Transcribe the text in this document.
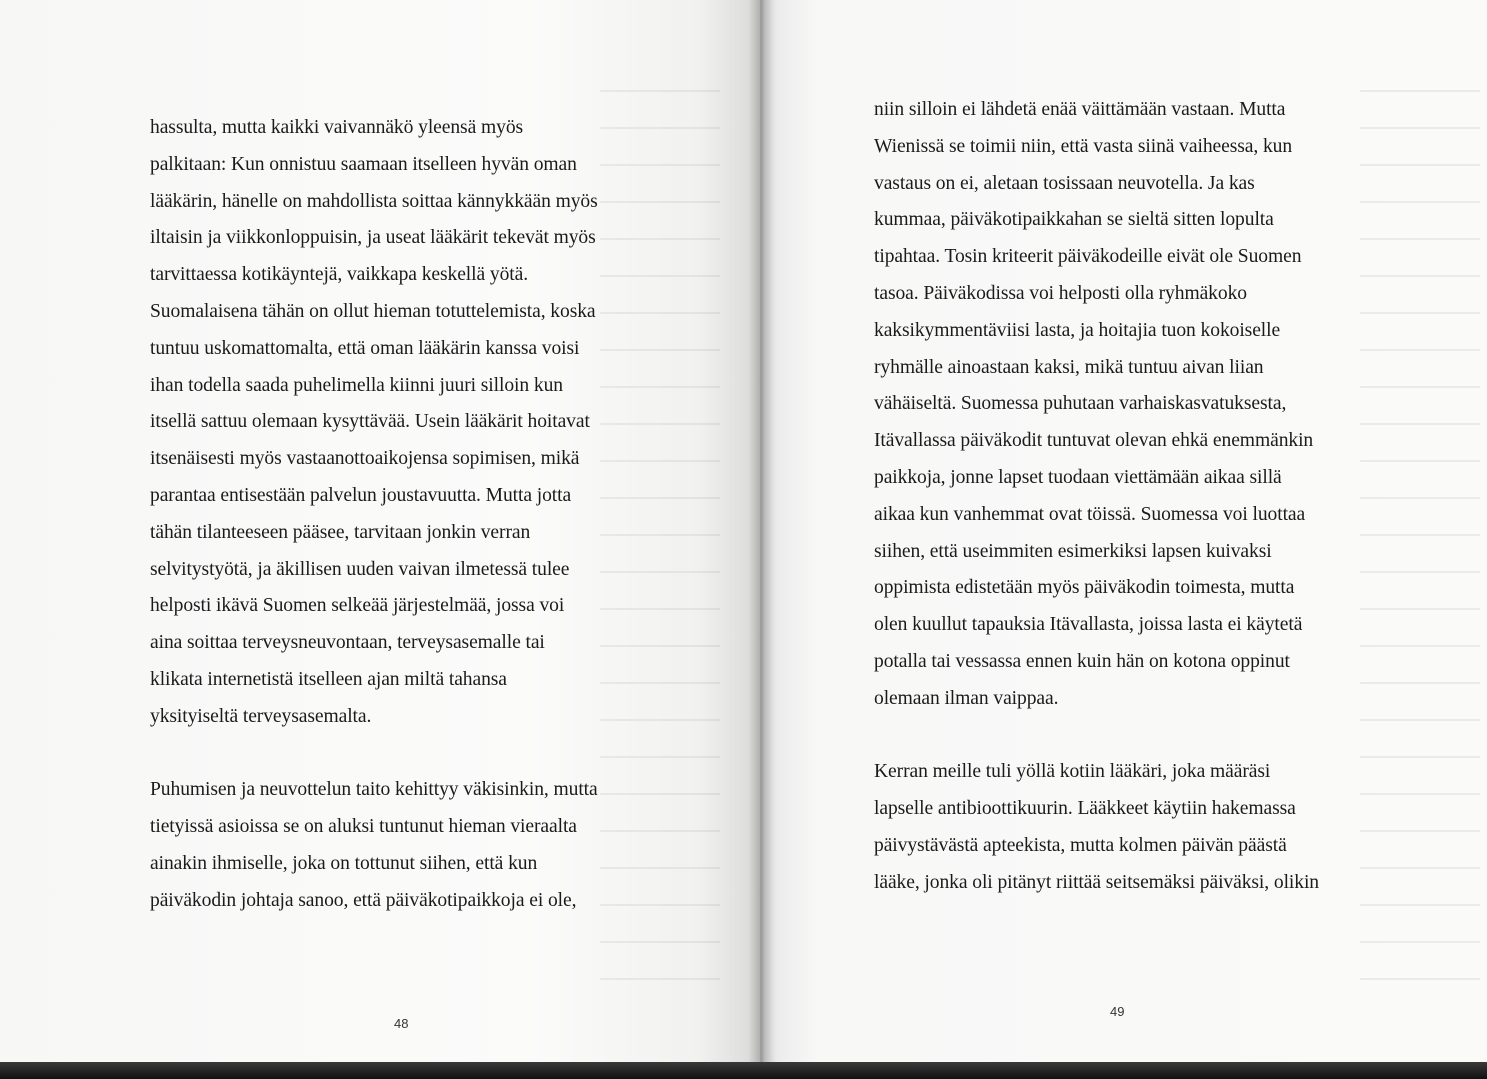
hassulta, mutta kaikki vaivannäkö yleensä myös
palkitaan: Kun onnistuu saamaan itselleen hyvän oman
lääkärin, hänelle on mahdollista soittaa kännykkään myös
iltaisin ja viikkonloppuisin, ja useat lääkärit tekevät myös
tarvittaessa kotikäyntejä, vaikkapa keskellä yötä.
Suomalaisena tähän on ollut hieman totuttelemista, koska
tuntuu uskomattomalta, että oman lääkärin kanssa voisi
ihan todella saada puhelimella kiinni juuri silloin kun
itsellä sattuu olemaan kysyttävää. Usein lääkärit hoitavat
itsenäisesti myös vastaanottoaikojensa sopimisen, mikä
parantaa entisestään palvelun joustavuutta. Mutta jotta
tähän tilanteeseen pääsee, tarvitaan jonkin verran
selvitystyötä, ja äkillisen uuden vaivan ilmetessä tulee
helposti ikävä Suomen selkeää järjestelmää, jossa voi
aina soittaa terveysneuvontaan, terveysasemalle tai
klikata internetistä itselleen ajan miltä tahansa
yksityiseltä terveysasemalta.
Puhumisen ja neuvottelun taito kehittyy väkisinkin, mutta
tietyissä asioissa se on aluksi tuntunut hieman vieraalta
ainakin ihmiselle, joka on tottunut siihen, että kun
päiväkodin johtaja sanoo, että päiväkotipaikkoja ei ole,
48
niin silloin ei lähdetä enää väittämään vastaan. Mutta
Wienissä se toimii niin, että vasta siinä vaiheessa, kun
vastaus on ei, aletaan tosissaan neuvotella. Ja kas
kummaa, päiväkotipaikkahan se sieltä sitten lopulta
tipahtaa. Tosin kriteerit päiväkodeille eivät ole Suomen
tasoa. Päiväkodissa voi helposti olla ryhmäkoko
kaksikymmentäviisi lasta, ja hoitajia tuon kokoiselle
ryhmälle ainoastaan kaksi, mikä tuntuu aivan liian
vähäiseltä. Suomessa puhutaan varhaiskasvatuksesta,
Itävallassa päiväkodit tuntuvat olevan ehkä enemmänkin
paikkoja, jonne lapset tuodaan viettämään aikaa sillä
aikaa kun vanhemmat ovat töissä. Suomessa voi luottaa
siihen, että useimmiten esimerkiksi lapsen kuivaksi
oppimista edistetään myös päiväkodin toimesta, mutta
olen kuullut tapauksia Itävallasta, joissa lasta ei käytetä
potalla tai vessassa ennen kuin hän on kotona oppinut
olemaan ilman vaippaa.
Kerran meille tuli yöllä kotiin lääkäri, joka määräsi
lapselle antibioottikuurin. Lääkkeet käytiin hakemassa
päivystävästä apteekista, mutta kolmen päivän päästä
lääke, jonka oli pitänyt riittää seitsemäksi päiväksi, olikin
49
